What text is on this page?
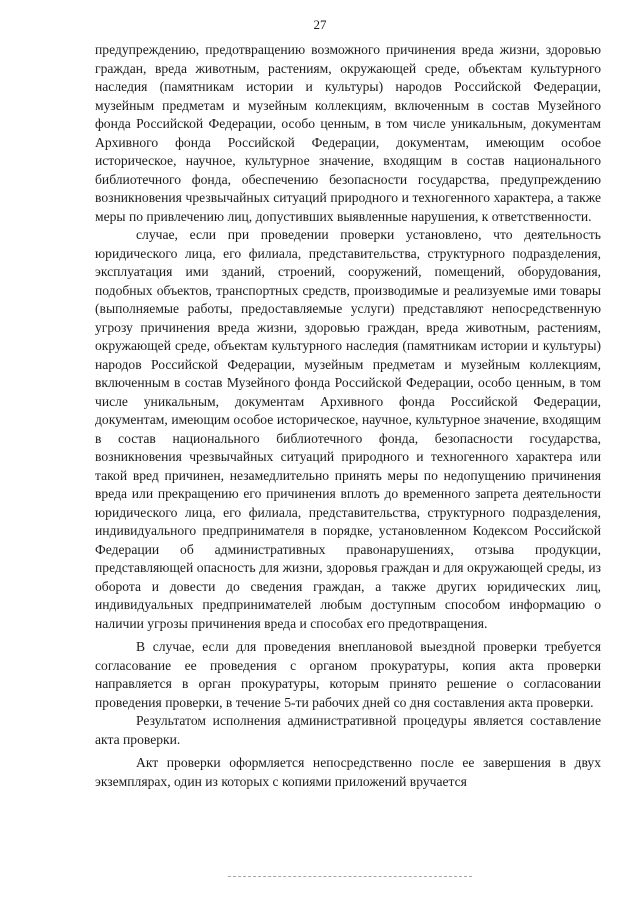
27

предупреждению, предотвращению возможного причинения вреда жизни, здоровью граждан, вреда животным, растениям, окружающей среде, объектам культурного наследия (памятникам истории и культуры) народов Российской Федерации, музейным предметам и музейным коллекциям, включенным в состав Музейного фонда Российской Федерации, особо ценным, в том числе уникальным, документам Архивного фонда Российской Федерации, документам, имеющим особое историческое, научное, культурное значение, входящим в состав национального библиотечного фонда, обеспечению безопасности государства, предупреждению возникновения чрезвычайных ситуаций природного и техногенного характера, а также меры по привлечению лиц, допустивших выявленные нарушения, к ответственности.

случае, если при проведении проверки установлено, что деятельность юридического лица, его филиала, представительства, структурного подразделения, эксплуатация ими зданий, строений, сооружений, помещений, оборудования, подобных объектов, транспортных средств, производимые и реализуемые ими товары (выполняемые работы, предоставляемые услуги) представляют непосредственную угрозу причинения вреда жизни, здоровью граждан, вреда животным, растениям, окружающей среде, объектам культурного наследия (памятникам истории и культуры) народов Российской Федерации, музейным предметам и музейным коллекциям, включенным в состав Музейного фонда Российской Федерации, особо ценным, в том числе уникальным, документам Архивного фонда Российской Федерации, документам, имеющим особое историческое, научное, культурное значение, входящим в состав национального библиотечного фонда, безопасности государства, возникновения чрезвычайных ситуаций природного и техногенного характера или такой вред причинен, незамедлительно принять меры по недопущению причинения вреда или прекращению его причинения вплоть до временного запрета деятельности юридического лица, его филиала, представительства, структурного подразделения, индивидуального предпринимателя в порядке, установленном Кодексом Российской Федерации об административных правонарушениях, отзыва продукции, представляющей опасность для жизни, здоровья граждан и для окружающей среды, из оборота и довести до сведения граждан, а также других юридических лиц, индивидуальных предпринимателей любым доступным способом информацию о наличии угрозы причинения вреда и способах его предотвращения.

В случае, если для проведения внеплановой выездной проверки требуется согласование ее проведения с органом прокуратуры, копия акта проверки направляется в орган прокуратуры, которым принято решение о согласовании проведения проверки, в течение 5-ти рабочих дней со дня составления акта проверки.

Результатом исполнения административной процедуры является составление акта проверки.

Акт проверки оформляется непосредственно после ее завершения в двух экземплярах, один из которых с копиями приложений вручается
